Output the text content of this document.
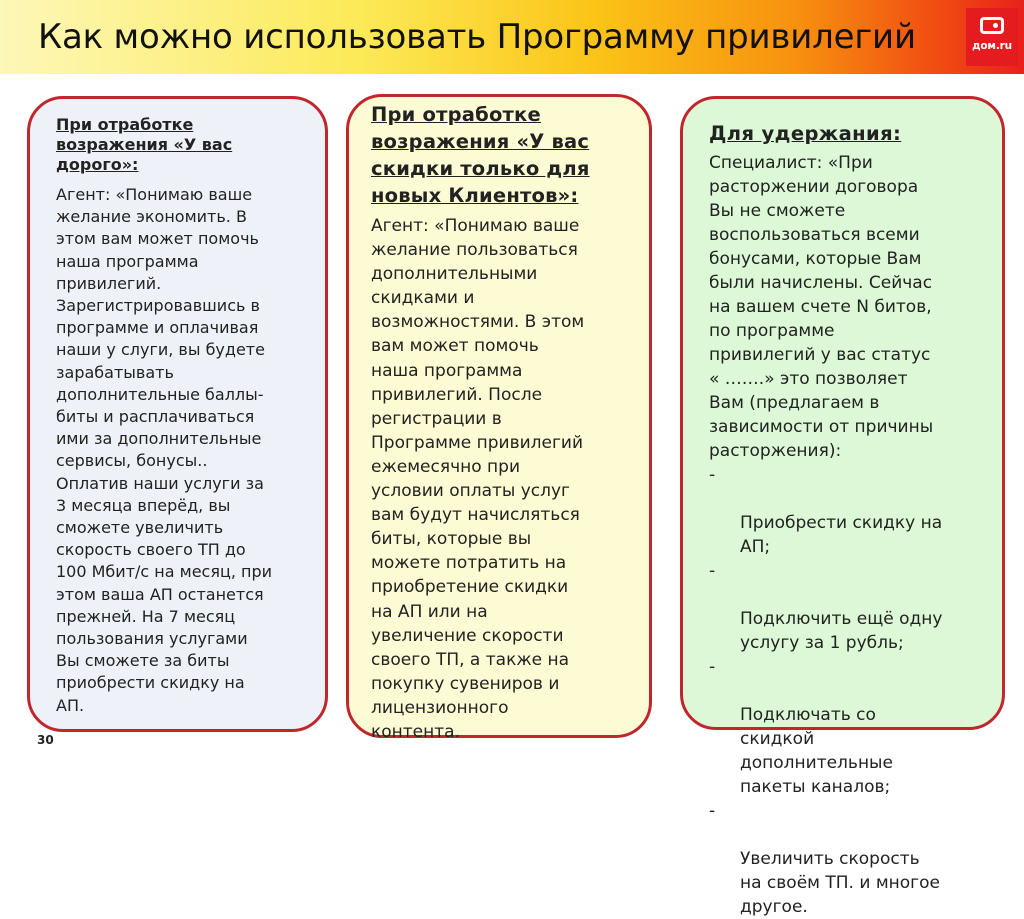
Как можно использовать Программу привилегий	дом.ru

При отработке
возражения «У вас
дорого»:

Агент: «Понимаю ваше
желание экономить. В
этом вам может помочь
наша программа
привилегий.
Зарегистрировавшись в
программе и оплачивая
наши у слуги, вы будете
зарабатывать
дополнительные баллы-
биты и расплачиваться
ими за дополнительные
сервисы, бонусы..
Оплатив наши услуги за
3 месяца вперёд, вы
сможете увеличить
скорость своего ТП до
100 Мбит/с на месяц, при
этом ваша АП останется
прежней. На 7 месяц
пользования услугами
Вы сможете за биты
приобрести скидку на
АП.

При отработке
возражения «У вас
скидки только для
новых Клиентов»:

Агент: «Понимаю ваше
желание пользоваться
дополнительными
скидками и
возможностями. В этом
вам может помочь
наша программа
привилегий. После
регистрации в
Программе привилегий
ежемесячно при
условии оплаты услуг
вам будут начисляться
биты, которые вы
можете потратить на
приобретение скидки
на АП или на
увеличение скорости
своего ТП, а также на
покупку сувениров и
лицензионного
контента.

Для удержания:

Специалист: «При
расторжении договора
Вы не сможете
воспользоваться всеми
бонусами, которые Вам
были начислены. Сейчас
на вашем счете N битов,
по программе
привилегий у вас статус
« …….» это позволяет
Вам (предлагаем в
зависимости от причины
расторжения):

-

Приобрести скидку на
АП;

-

Подключить ещё одну
услугу за 1 рубль;

-

Подключать со
скидкой
дополнительные
пакеты каналов;

-

Увеличить скорость
на своём ТП. и многое
другое.

30
